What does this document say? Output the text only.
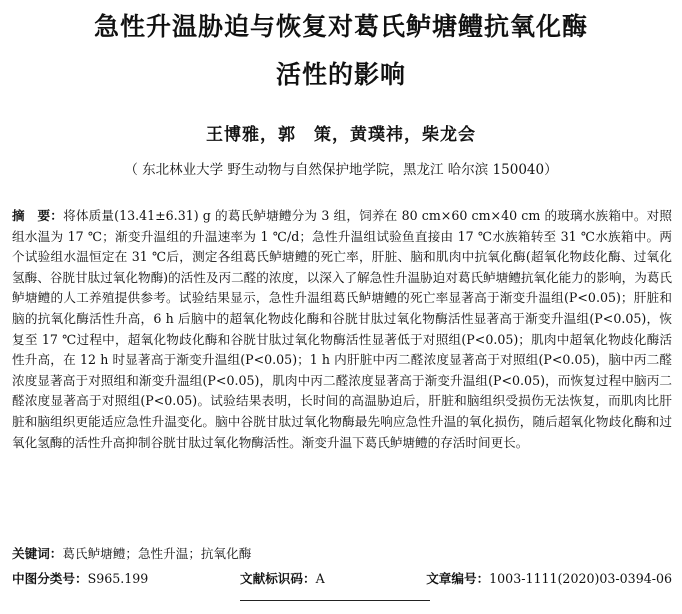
急性升温胁迫与恢复对葛氏鲈塘鳢抗氧化酶
活性的影响
王博雅，郭　策，黄璞祎，柴龙会
（ 东北林业大学 野生动物与自然保护地学院，黑龙江 哈尔滨 150040）
摘　要：将体质量(13.41±6.31) g 的葛氏鲈塘鳢分为 3 组，饲养在 80 cm×60 cm×40 cm 的玻璃水族箱中。对照组水温为 17 ℃；渐变升温组的升温速率为 1 ℃/d；急性升温组试验鱼直接由 17 ℃水族箱转至 31 ℃水族箱中。两个试验组水温恒定在 31 ℃后，测定各组葛氏鲈塘鳢的死亡率，肝脏、脑和肌肉中抗氧化酶(超氧化物歧化酶、过氧化氢酶、谷胱甘肽过氧化物酶)的活性及丙二醛的浓度，以深入了解急性升温胁迫对葛氏鲈塘鳢抗氧化能力的影响，为葛氏鲈塘鳢的人工养殖提供参考。试验结果显示，急性升温组葛氏鲈塘鳢的死亡率显著高于渐变升温组(P<0.05)；肝脏和脑的抗氧化酶活性升高，6 h 后脑中的超氧化物歧化酶和谷胱甘肽过氧化物酶活性显著高于渐变升温组(P<0.05)，恢复至 17 ℃过程中，超氧化物歧化酶和谷胱甘肽过氧化物酶活性显著低于对照组(P<0.05)；肌肉中超氧化物歧化酶活性升高，在 12 h 时显著高于渐变升温组(P<0.05)；1 h 内肝脏中丙二醛浓度显著高于对照组(P<0.05)，脑中丙二醛浓度显著高于对照组和渐变升温组(P<0.05)，肌肉中丙二醛浓度显著高于渐变升温组(P<0.05)，而恢复过程中脑丙二醛浓度显著高于对照组(P<0.05)。试验结果表明，长时间的高温胁迫后，肝脏和脑组织受损伤无法恢复，而肌肉比肝脏和脑组织更能适应急性升温变化。脑中谷胱甘肽过氧化物酶最先响应急性升温的氧化损伤，随后超氧化物歧化酶和过氧化氢酶的活性升高抑制谷胱甘肽过氧化物酶活性。渐变升温下葛氏鲈塘鳢的存活时间更长。
关键词：葛氏鲈塘鳢；急性升温；抗氧化酶
中图分类号：S965.199	文献标识码：A	文章编号：1003-1111(2020)03-0394-06
